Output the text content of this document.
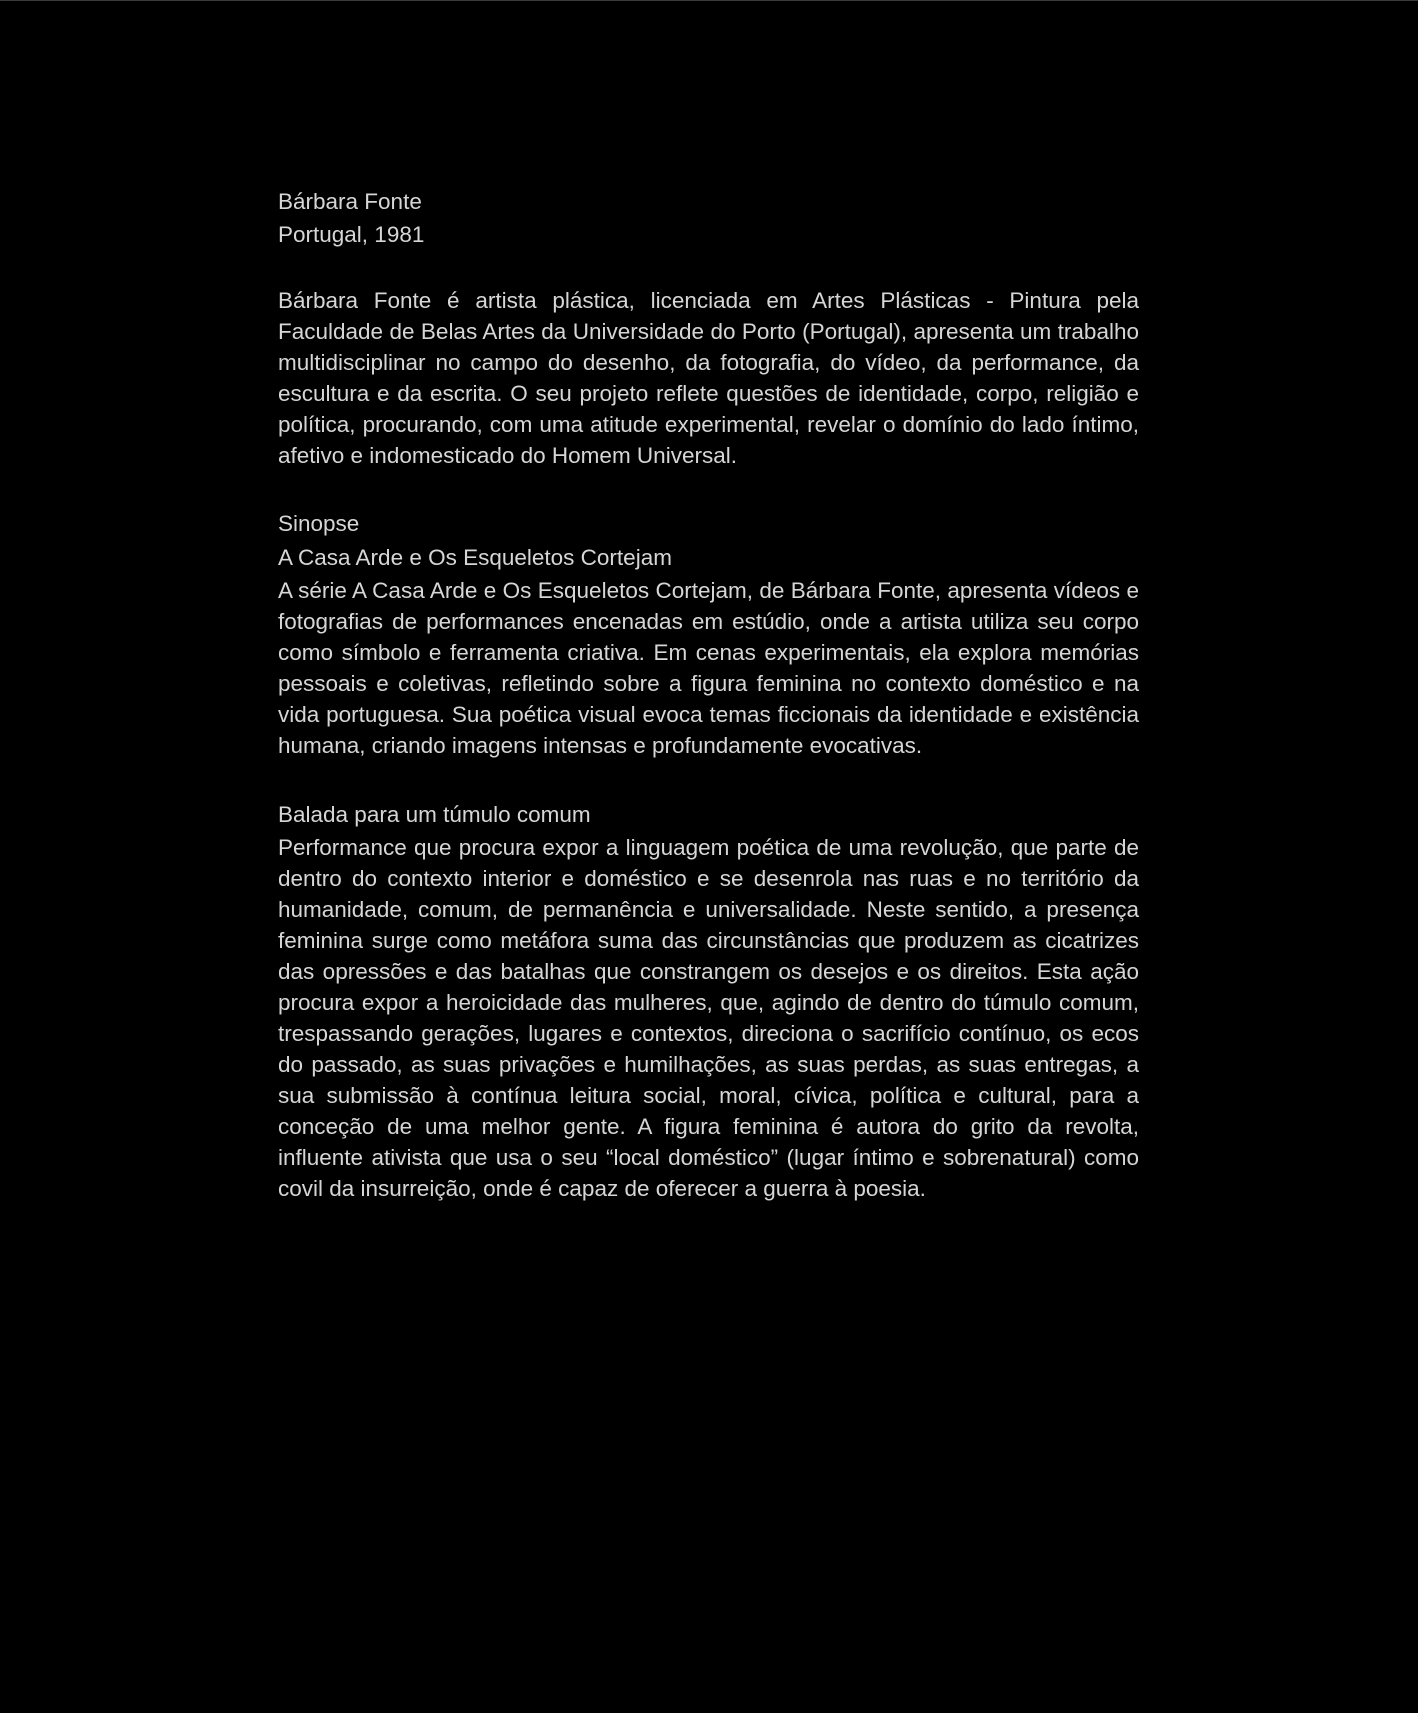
Bárbara Fonte
Portugal, 1981

Bárbara Fonte é artista plástica, licenciada em Artes Plásticas - Pintura pela Faculdade de Belas Artes da Universidade do Porto (Portugal), apresenta um trabalho multidisciplinar no campo do desenho, da fotografia, do vídeo, da performance, da escultura e da escrita. O seu projeto reflete questões de identidade, corpo, religião e política, procurando, com uma atitude experimental, revelar o domínio do lado íntimo, afetivo e indomesticado do Homem Universal.

Sinopse
A Casa Arde e Os Esqueletos Cortejam

A série A Casa Arde e Os Esqueletos Cortejam, de Bárbara Fonte, apresenta vídeos e fotografias de performances encenadas em estúdio, onde a artista utiliza seu corpo como símbolo e ferramenta criativa. Em cenas experimentais, ela explora memórias pessoais e coletivas, refletindo sobre a figura feminina no contexto doméstico e na vida portuguesa. Sua poética visual evoca temas ficcionais da identidade e existência humana, criando imagens intensas e profundamente evocativas.

Balada para um túmulo comum

Performance que procura expor a linguagem poética de uma revolução, que parte de dentro do contexto interior e doméstico e se desenrola nas ruas e no território da humanidade, comum, de permanência e universalidade. Neste sentido, a presença feminina surge como metáfora suma das circunstâncias que produzem as cicatrizes das opressões e das batalhas que constrangem os desejos e os direitos. Esta ação procura expor a heroicidade das mulheres, que, agindo de dentro do túmulo comum, trespassando gerações, lugares e contextos, direciona o sacrifício contínuo, os ecos do passado, as suas privações e humilhações, as suas perdas, as suas entregas, a sua submissão à contínua leitura social, moral, cívica, política e cultural, para a conceção de uma melhor gente. A figura feminina é autora do grito da revolta, influente ativista que usa o seu “local doméstico” (lugar íntimo e sobrenatural) como covil da insurreição, onde é capaz de oferecer a guerra à poesia.
